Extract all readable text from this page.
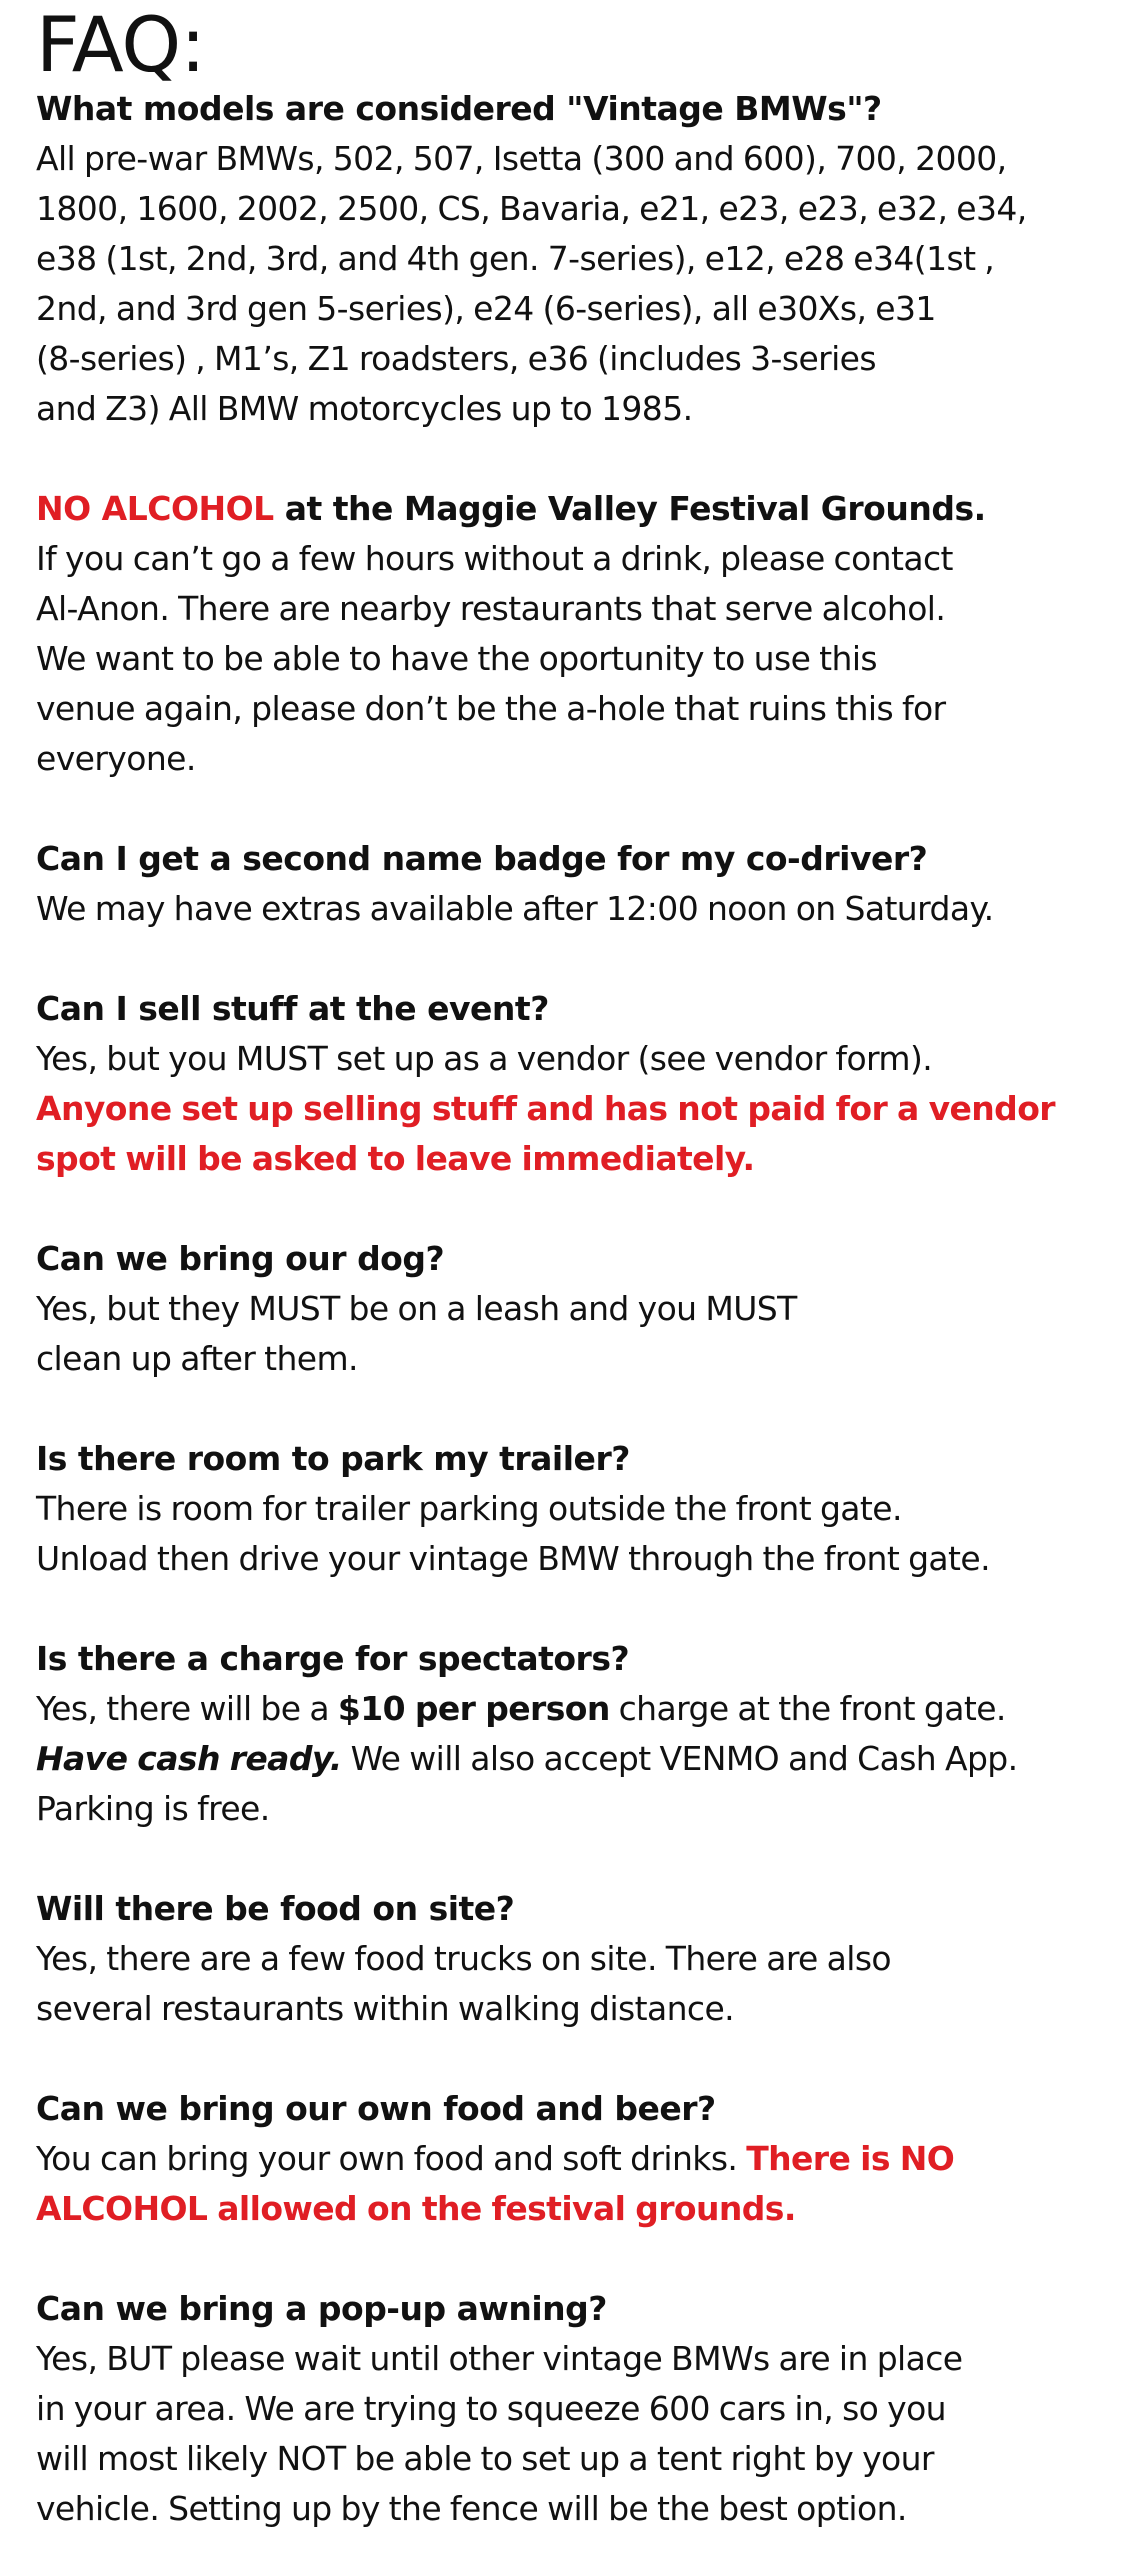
FAQ:

What models are considered "Vintage BMWs"?

All pre-war BMWs, 502, 507, Isetta (300 and 600), 700, 2000,
1800, 1600, 2002, 2500, CS, Bavaria, e21, e23, e23, e32, e34,
e38 (1st, 2nd, 3rd, and 4th gen. 7-series), e12, e28 e34(1st ,
2nd, and 3rd gen 5-series), e24 (6-series), all e30Xs, e31
(8-series) , M1’s, Z1 roadsters, e36 (includes 3-series
and Z3) All BMW motorcycles up to 1985.

NO ALCOHOL at the Maggie Valley Festival Grounds.

If you can’t go a few hours without a drink, please contact
Al-Anon. There are nearby restaurants that serve alcohol.
We want to be able to have the oportunity to use this
venue again, please don’t be the a-hole that ruins this for
everyone.

Can I get a second name badge for my co-driver?

We may have extras available after 12:00 noon on Saturday.

Can I sell stuff at the event?

Yes, but you MUST set up as a vendor (see vendor form).
Anyone set up selling stuff and has not paid for a vendor
spot will be asked to leave immediately.

Can we bring our dog?

Yes, but they MUST be on a leash and you MUST
clean up after them.

Is there room to park my trailer?

There is room for trailer parking outside the front gate.
Unload then drive your vintage BMW through the front gate.

Is there a charge for spectators?

Yes, there will be a $10 per person charge at the front gate.
Have cash ready. We will also accept VENMO and Cash App.
Parking is free.

Will there be food on site?

Yes, there are a few food trucks on site. There are also
several restaurants within walking distance.

Can we bring our own food and beer?

You can bring your own food and soft drinks. There is NO
ALCOHOL allowed on the festival grounds.

Can we bring a pop-up awning?

Yes, BUT please wait until other vintage BMWs are in place
in your area. We are trying to squeeze 600 cars in, so you
will most likely NOT be able to set up a tent right by your
vehicle. Setting up by the fence will be the best option.
